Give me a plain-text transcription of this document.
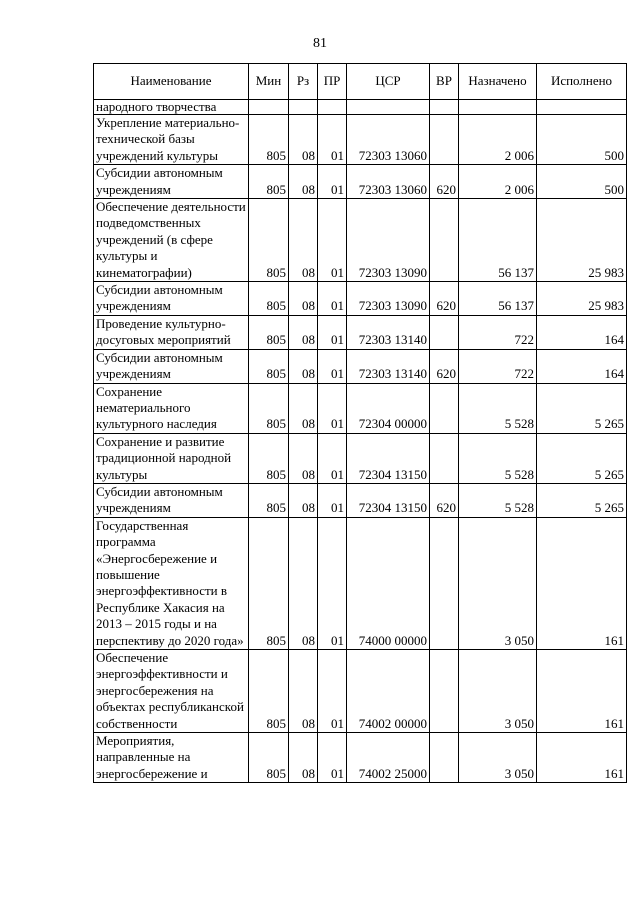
81
Наименование	Мин	Рз	ПР	ЦСР	ВР	Назначено	Исполнено
народного творчества							
Укрепление материально-технической базы учреждений культуры	805	08	01	72303 13060		2 006	500
Субсидии автономным учреждениям	805	08	01	72303 13060	620	2 006	500
Обеспечение деятельности подведомственных учреждений (в сфере культуры и кинематографии)	805	08	01	72303 13090		56 137	25 983
Субсидии автономным учреждениям	805	08	01	72303 13090	620	56 137	25 983
Проведение культурно-досуговых мероприятий	805	08	01	72303 13140		722	164
Субсидии автономным учреждениям	805	08	01	72303 13140	620	722	164
Сохранение нематериального культурного наследия	805	08	01	72304 00000		5 528	5 265
Сохранение и развитие традиционной народной культуры	805	08	01	72304 13150		5 528	5 265
Субсидии автономным учреждениям	805	08	01	72304 13150	620	5 528	5 265
Государственная программа «Энергосбережение и повышение энергоэффективности в Республике Хакасия на 2013 – 2015 годы и на перспективу до 2020 года»	805	08	01	74000 00000		3 050	161
Обеспечение энергоэффективности и энергосбережения на объектах республиканской собственности	805	08	01	74002 00000		3 050	161
Мероприятия, направленные на энергосбережение и	805	08	01	74002 25000		3 050	161
